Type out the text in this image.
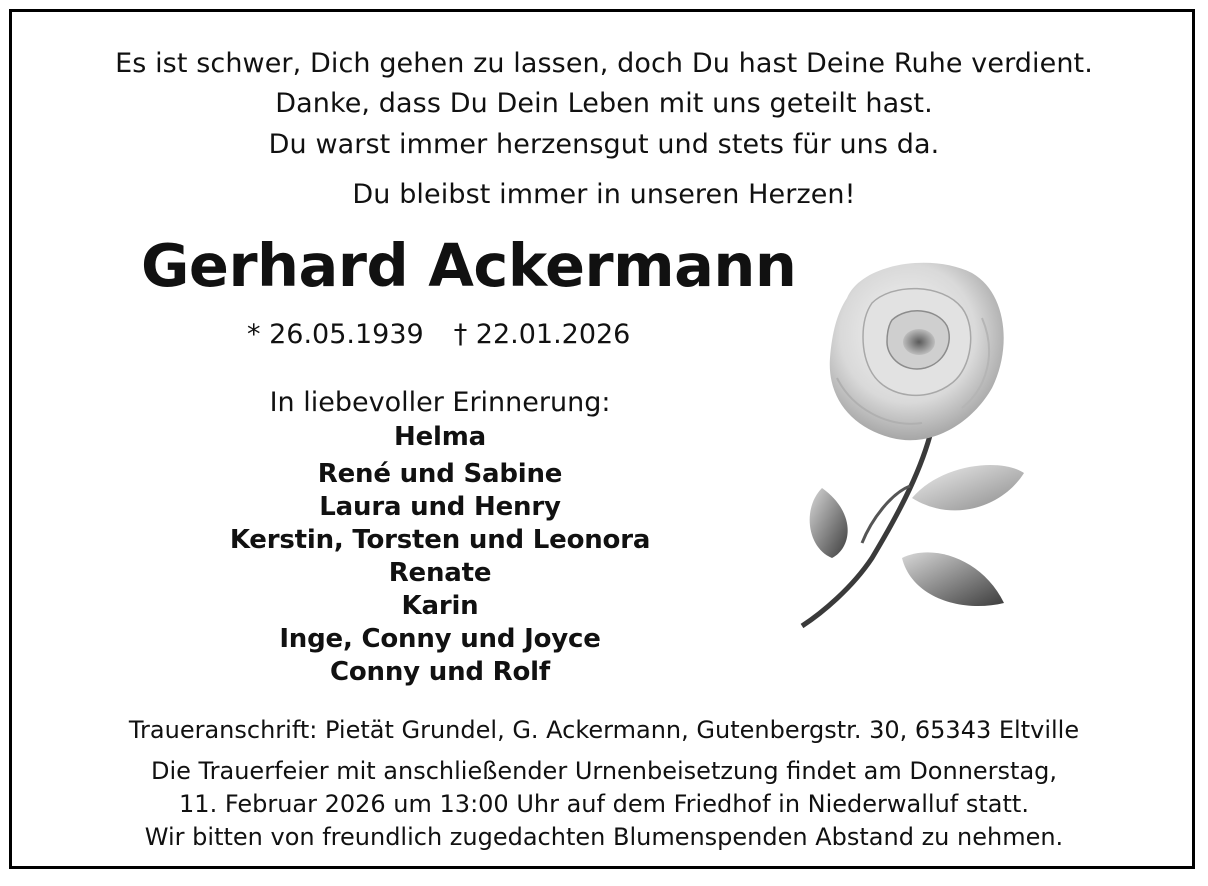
Es ist schwer, Dich gehen zu lassen, doch Du hast Deine Ruhe verdient.
Danke, dass Du Dein Leben mit uns geteilt hast.
Du warst immer herzensgut und stets für uns da.
Du bleibst immer in unseren Herzen!
Gerhard Ackermann
* 26.05.1939 † 22.01.2026
In liebevoller Erinnerung:
Helma
René und Sabine
Laura und Henry
Kerstin, Torsten und Leonora
Renate
Karin
Inge, Conny und Joyce
Conny und Rolf
Traueranschrift: Pietät Grundel, G. Ackermann, Gutenbergstr. 30, 65343 Eltville
Die Trauerfeier mit anschließender Urnenbeisetzung findet am Donnerstag,
11. Februar 2026 um 13:00 Uhr auf dem Friedhof in Niederwalluf statt.
Wir bitten von freundlich zugedachten Blumenspenden Abstand zu nehmen.
